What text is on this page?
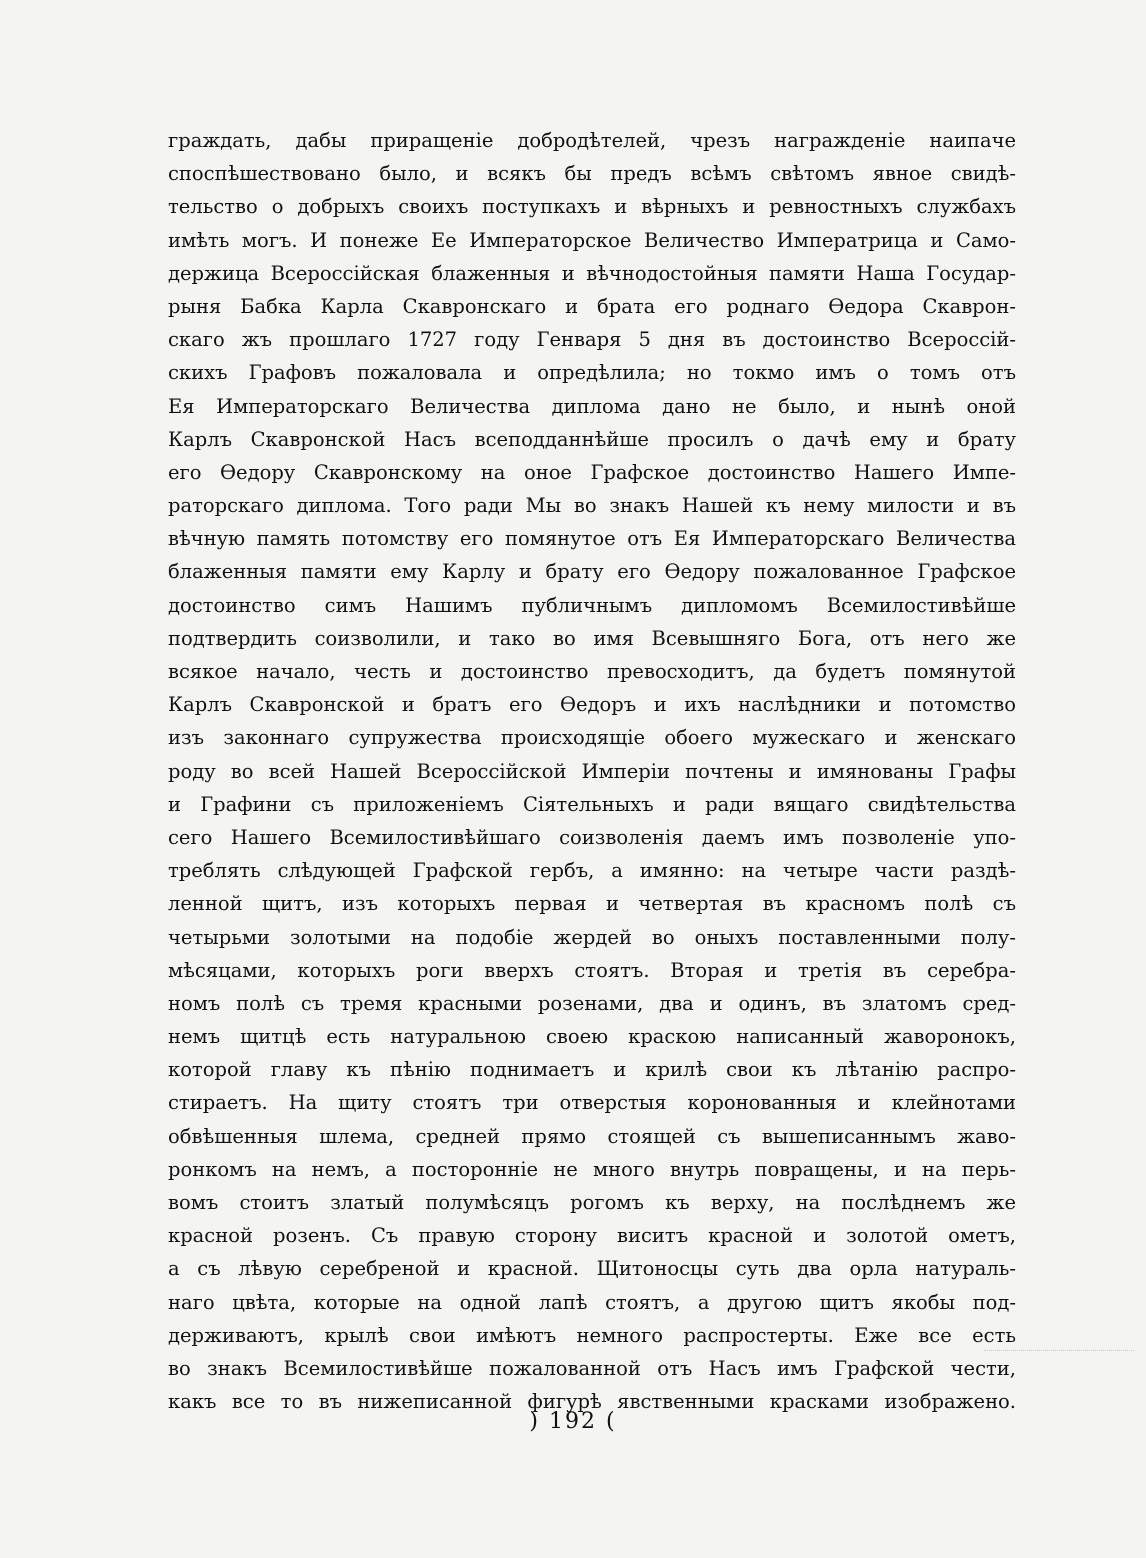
граждать, дабы приращеніе добродѣтелей, чрезъ награжденіе наипаче
споспѣшествовано было, и всякъ бы предъ всѣмъ свѣтомъ явное свидѣ-
тельство о добрыхъ своихъ поступкахъ и вѣрныхъ и ревностныхъ службахъ
имѣть могъ. И понеже Ее Императорское Величество Императрица и Само-
держица Всероссійская блаженныя и вѣчнодостойныя памяти Наша Государ-
рыня Бабка Карла Скавронскаго и брата его роднаго Ѳедора Скаврон-
скаго жъ прошлаго 1727 году Генваря 5 дня въ достоинство Всероссій-
скихъ Графовъ пожаловала и опредѣлила; но токмо имъ о томъ отъ
Ея Императорскаго Величества диплома дано не было, и нынѣ оной
Карлъ Скавронской Насъ всеподданнѣйше просилъ о дачѣ ему и брату
его Ѳедору Скавронскому на оное Графское достоинство Нашего Импе-
раторскаго диплома. Того ради Мы во знакъ Нашей къ нему милости и въ
вѣчную память потомству его помянутое отъ Ея Императорскаго Величества
блаженныя памяти ему Карлу и брату его Ѳедору пожалованное Графское
достоинство симъ Нашимъ публичнымъ дипломомъ Всемилостивѣйше
подтвердить соизволили, и тако во имя Всевышняго Бога, отъ него же
всякое начало, честь и достоинство превосходитъ, да будетъ помянутой
Карлъ Скавронской и братъ его Ѳедоръ и ихъ наслѣдники и потомство
изъ законнаго супружества происходящіе обоего мужескаго и женскаго
роду во всей Нашей Всероссійской Имперіи почтены и имянованы Графы
и Графини съ приложеніемъ Сіятельныхъ и ради вящаго свидѣтельства
сего Нашего Всемилостивѣйшаго соизволенія даемъ имъ позволеніе упо-
треблять слѣдующей Графской гербъ, а имянно: на четыре части раздѣ-
ленной щитъ, изъ которыхъ первая и четвертая въ красномъ полѣ съ
четырьми золотыми на подобіе жердей во оныхъ поставленными полу-
мѣсяцами, которыхъ роги вверхъ стоятъ. Вторая и третія въ серебра-
номъ полѣ съ тремя красными розенами, два и одинъ, въ златомъ сред-
немъ щитцѣ есть натуральною своею краскою написанный жаворонокъ,
которой главу къ пѣнію поднимаетъ и крилѣ свои къ лѣтанію распро-
стираетъ. На щиту стоятъ три отверстыя коронованныя и клейнотами
обвѣшенныя шлема, средней прямо стоящей съ вышеписаннымъ жаво-
ронкомъ на немъ, а посторонніе не много внутрь повращены, и на перь-
вомъ стоитъ златый полумѣсяцъ рогомъ къ верху, на послѣднемъ же
красной розенъ. Съ правую сторону виситъ красной и золотой ометъ,
а съ лѣвую серебреной и красной. Щитоносцы суть два орла натураль-
наго цвѣта, которые на одной лапѣ стоятъ, а другою щитъ якобы под-
держиваютъ, крылѣ свои имѣютъ немного распростерты. Еже все есть
во знакъ Всемилостивѣйше пожалованной отъ Насъ имъ Графской чести,
какъ все то въ нижеписанной фигурѣ явственными красками изображено.
) 192 (
